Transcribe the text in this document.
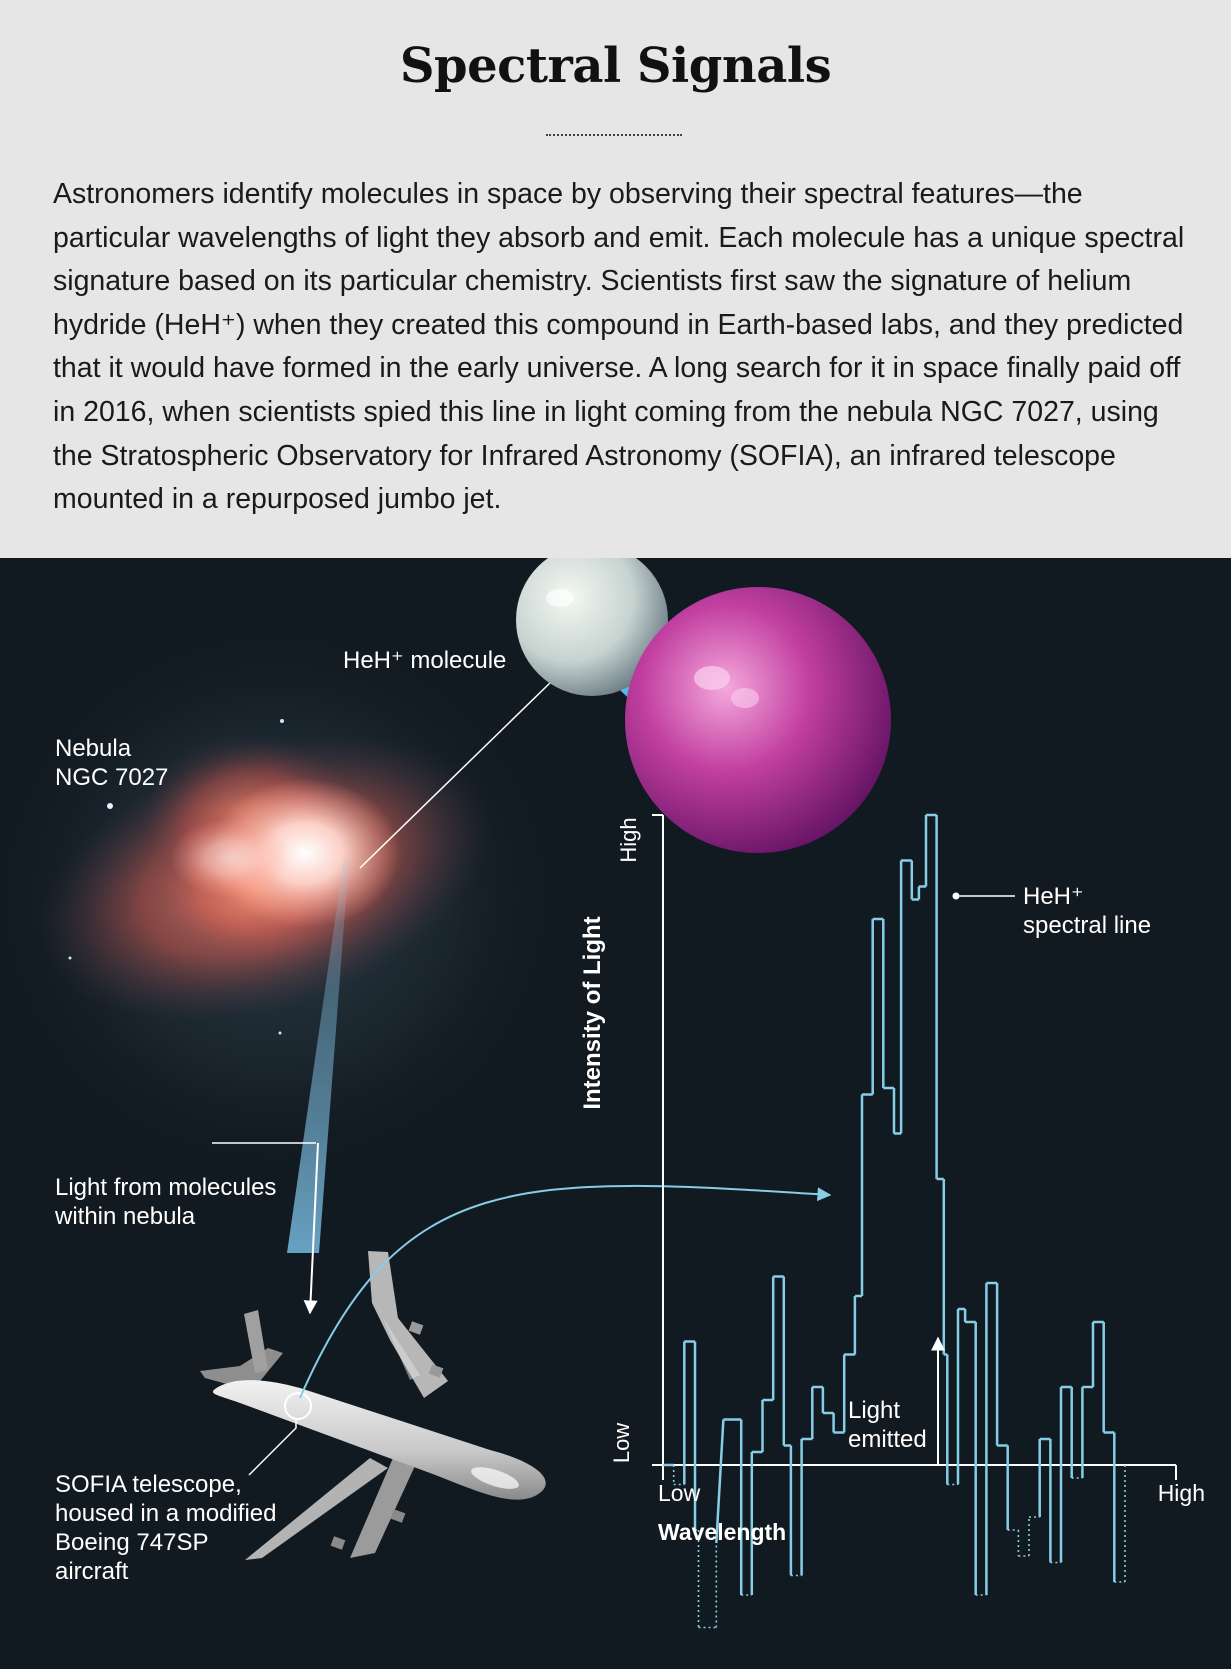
Spectral Signals

Astronomers identify molecules in space by observing their spectral features—the particular wavelengths of light they absorb and emit. Each molecule has a unique spectral signature based on its particular chemistry. Scientists first saw the signature of helium hydride (HeH⁺) when they created this compound in Earth-based labs, and they predicted that it would have formed in the early universe. A long search for it in space finally paid off in 2016, when scientists spied this line in light coming from the nebula NGC 7027, using the Stratospheric Observatory for Infrared Astronomy (SOFIA), an infrared telescope mounted in a repurposed jumbo jet.

Intensity of Light
High
Low
Low	High
Wavelength
HeH⁺ molecule
Nebula
NGC 7027
Light from molecules
within nebula
SOFIA telescope,
housed in a modified
Boeing 747SP
aircraft
Light
emitted
HeH⁺
spectral line
